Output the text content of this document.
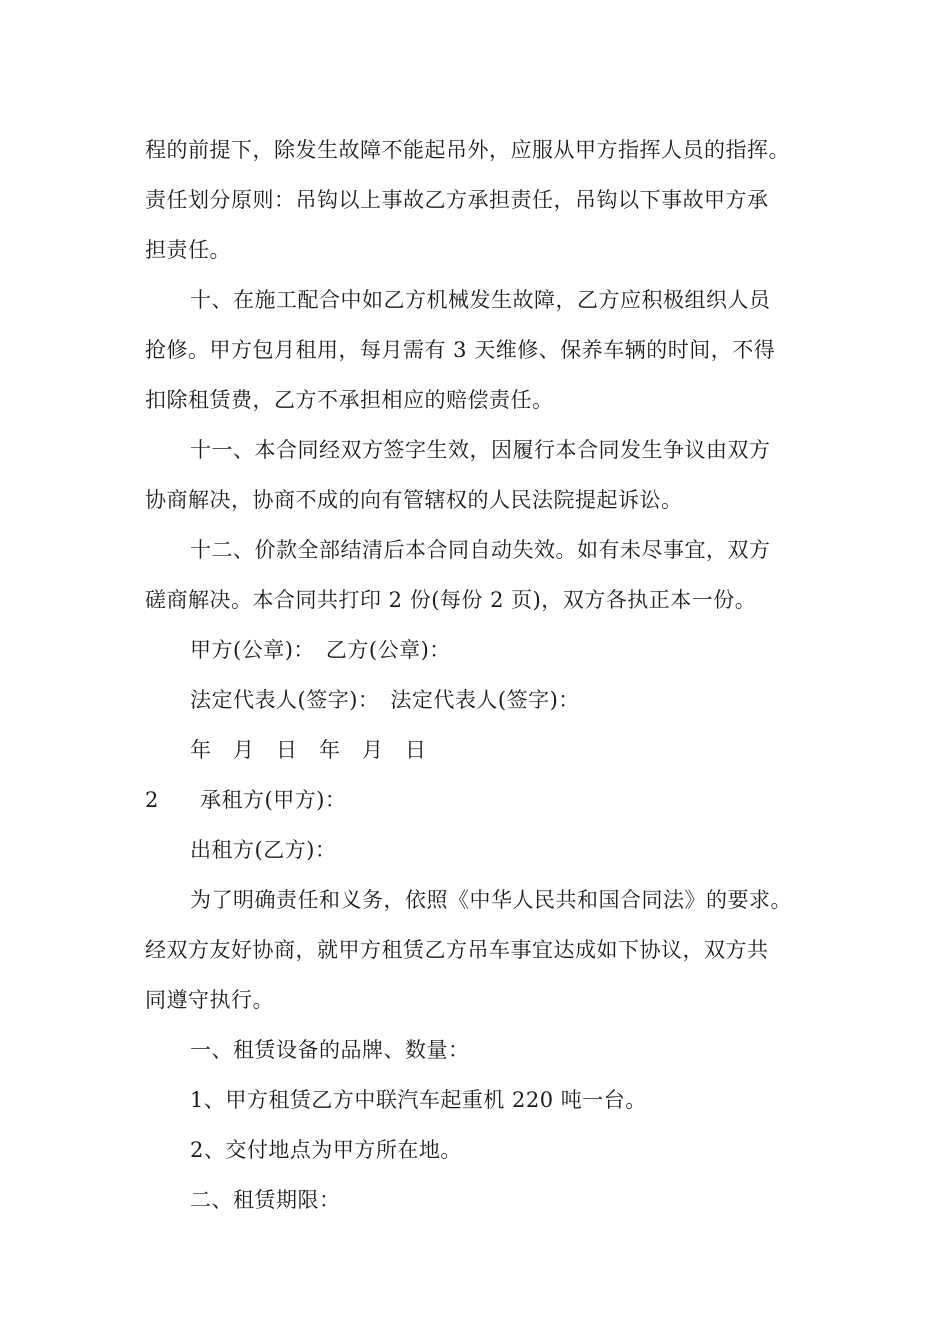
程的前提下，除发生故障不能起吊外，应服从甲方指挥人员的指挥。
责任划分原则：吊钩以上事故乙方承担责任，吊钩以下事故甲方承
担责任。
十、在施工配合中如乙方机械发生故障，乙方应积极组织人员
抢修。甲方包月租用，每月需有 3 天维修、保养车辆的时间，不得
扣除租赁费，乙方不承担相应的赔偿责任。
十一、本合同经双方签字生效，因履行本合同发生争议由双方
协商解决，协商不成的向有管辖权的人民法院提起诉讼。
十二、价款全部结清后本合同自动失效。如有未尽事宜，双方
磋商解决。本合同共打印 2 份(每份 2 页)，双方各执正本一份。
甲方(公章)：　乙方(公章)：
法定代表人(签字)：　法定代表人(签字)：
年　月　日　年　月　日
2 承租方(甲方)：
出租方(乙方)：
为了明确责任和义务，依照《中华人民共和国合同法》的要求。
经双方友好协商，就甲方租赁乙方吊车事宜达成如下协议，双方共
同遵守执行。
一、租赁设备的品牌、数量：
1、甲方租赁乙方中联汽车起重机 220 吨一台。
2、交付地点为甲方所在地。
二、租赁期限：
